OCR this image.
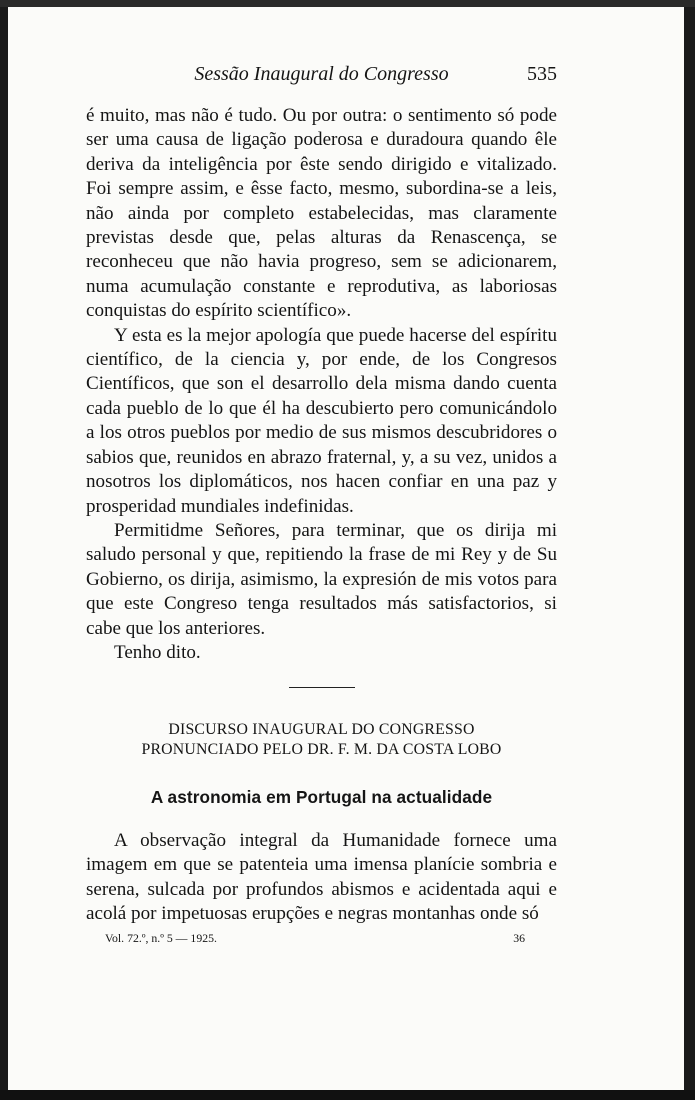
Sessão Inaugural do Congresso	535

é muito, mas não é tudo. Ou por outra: o sentimento só pode ser uma causa de ligação poderosa e duradoura quando êle deriva da inteligência por êste sendo dirigido e vitalizado. Foi sempre assim, e êsse facto, mesmo, subordina-se a leis, não ainda por completo estabelecidas, mas claramente previstas desde que, pelas alturas da Renascença, se reconheceu que não havia progreso, sem se adicionarem, numa acumulação constante e reprodutiva, as laboriosas conquistas do espírito scientífico».

Y esta es la mejor apología que puede hacerse del espíritu científico, de la ciencia y, por ende, de los Congresos Científicos, que son el desarrollo dela misma dando cuenta cada pueblo de lo que él ha descubierto pero comunicándolo a los otros pueblos por medio de sus mismos descubridores o sabios que, reunidos en abrazo fraternal, y, a su vez, unidos a nosotros los diplomáticos, nos hacen confiar en una paz y prosperidad mundiales indefinidas.

Permitidme Señores, para terminar, que os dirija mi saludo personal y que, repitiendo la frase de mi Rey y de Su Gobierno, os dirija, asimismo, la expresión de mis votos para que este Congreso tenga resultados más satisfactorios, si cabe que los anteriores.

Tenho dito.

DISCURSO INAUGURAL DO CONGRESSO
PRONUNCIADO PELO DR. F. M. DA COSTA LOBO
A astronomia em Portugal na actualidade

A observação integral da Humanidade fornece uma imagem em que se patenteia uma imensa planície sombria e serena, sulcada por profundos abismos e acidentada aqui e acolá por impetuosas erupções e negras montanhas onde só

Vol. 72.º, n.º 5 — 1925.	36
